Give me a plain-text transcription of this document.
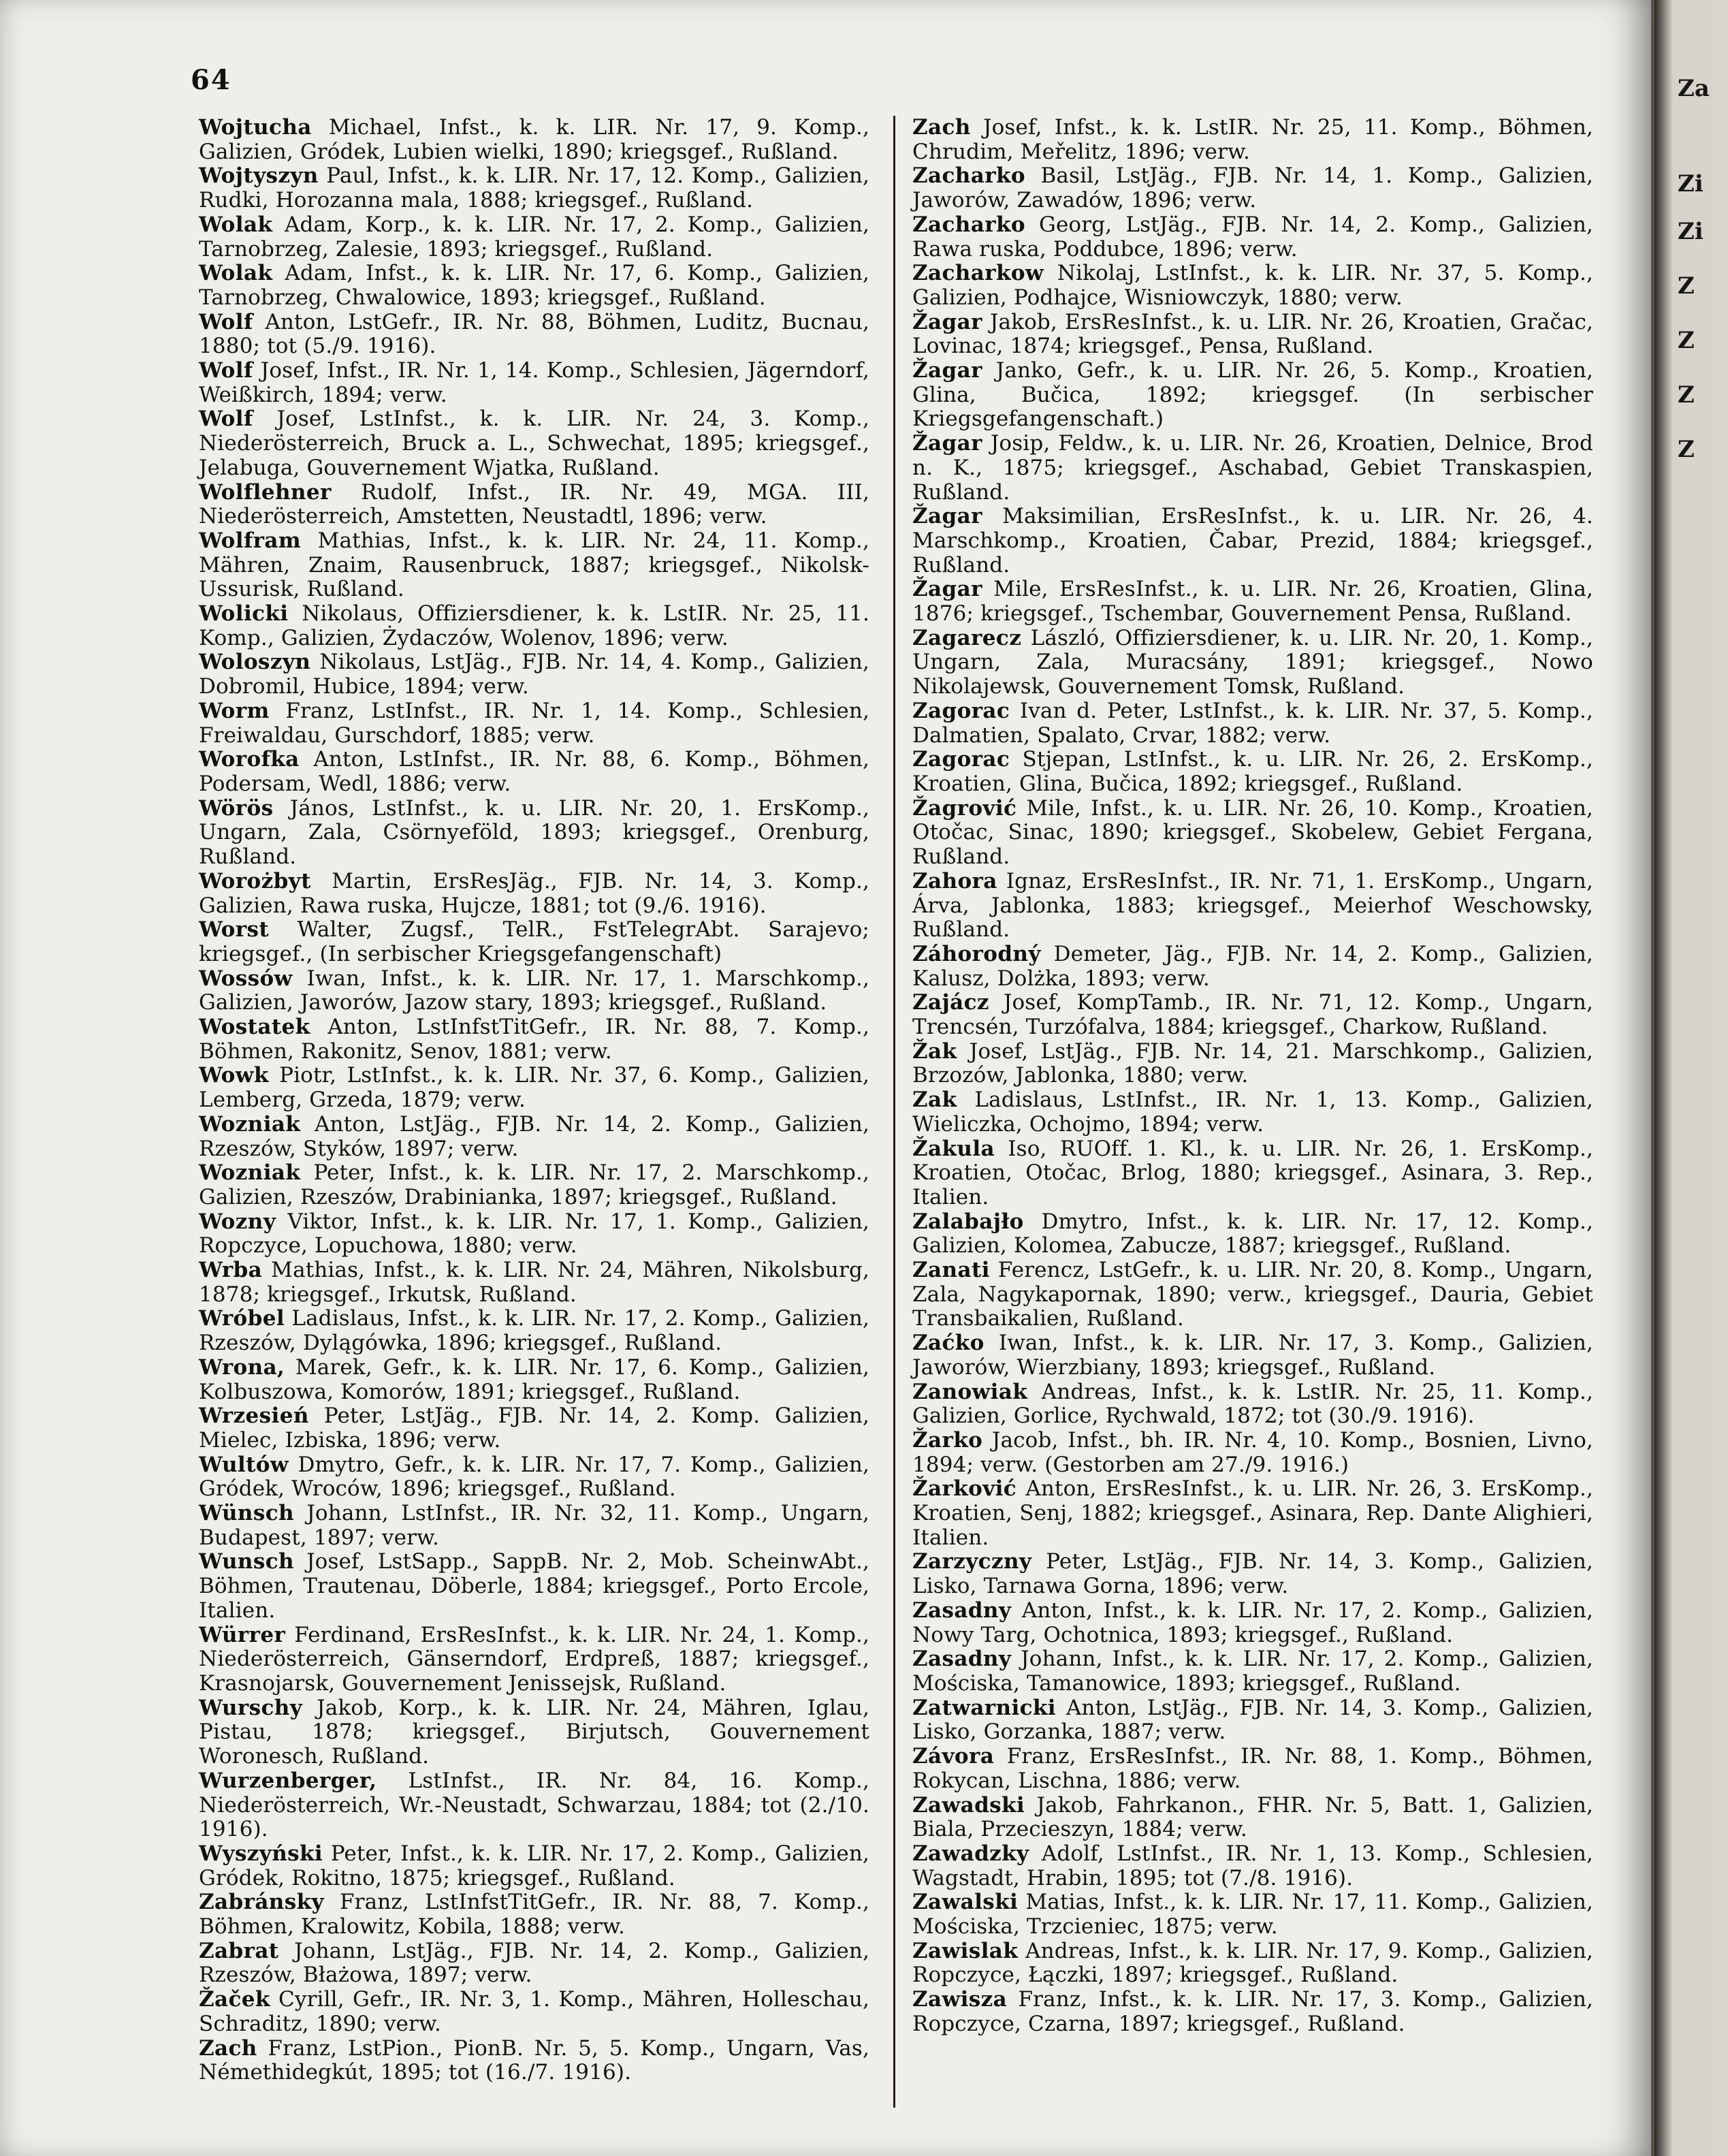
64
Wojtucha Michael, Infst., k. k. LIR. Nr. 17, 9. Komp., Galizien, Gródek, Lubien wielki, 1890; kriegsgef., Rußland.
Wojtyszyn Paul, Infst., k. k. LIR. Nr. 17, 12. Komp., Galizien, Rudki, Horozanna mala, 1888; kriegsgef., Rußland.
Wolak Adam, Korp., k. k. LIR. Nr. 17, 2. Komp., Galizien, Tarnobrzeg, Zalesie, 1893; kriegsgef., Rußland.
Wolak Adam, Infst., k. k. LIR. Nr. 17, 6. Komp., Galizien, Tarnobrzeg, Chwalowice, 1893; kriegsgef., Rußland.
Wolf Anton, LstGefr., IR. Nr. 88, Böhmen, Luditz, Bucnau, 1880; tot (5./9. 1916).
Wolf Josef, Infst., IR. Nr. 1, 14. Komp., Schlesien, Jägerndorf, Weißkirch, 1894; verw.
Wolf Josef, LstInfst., k. k. LIR. Nr. 24, 3. Komp., Niederösterreich, Bruck a. L., Schwechat, 1895; kriegsgef., Jelabuga, Gouvernement Wjatka, Rußland.
Wolflehner Rudolf, Infst., IR. Nr. 49, MGA. III, Niederösterreich, Amstetten, Neustadtl, 1896; verw.
Wolfram Mathias, Infst., k. k. LIR. Nr. 24, 11. Komp., Mähren, Znaim, Rausenbruck, 1887; kriegsgef., Nikolsk-Ussurisk, Rußland.
Wolicki Nikolaus, Offiziersdiener, k. k. LstIR. Nr. 25, 11. Komp., Galizien, Żydaczów, Wolenov, 1896; verw.
Woloszyn Nikolaus, LstJäg., FJB. Nr. 14, 4. Komp., Galizien, Dobromil, Hubice, 1894; verw.
Worm Franz, LstInfst., IR. Nr. 1, 14. Komp., Schlesien, Freiwaldau, Gurschdorf, 1885; verw.
Worofka Anton, LstInfst., IR. Nr. 88, 6. Komp., Böhmen, Podersam, Wedl, 1886; verw.
Wörös János, LstInfst., k. u. LIR. Nr. 20, 1. ErsKomp., Ungarn, Zala, Csörnyeföld, 1893; kriegsgef., Orenburg, Rußland.
Worożbyt Martin, ErsResJäg., FJB. Nr. 14, 3. Komp., Galizien, Rawa ruska, Hujcze, 1881; tot (9./6. 1916).
Worst Walter, Zugsf., TelR., FstTelegrAbt. Sarajevo; kriegsgef., (In serbischer Kriegsgefangenschaft)
Wossów Iwan, Infst., k. k. LIR. Nr. 17, 1. Marschkomp., Galizien, Jaworów, Jazow stary, 1893; kriegsgef., Rußland.
Wostatek Anton, LstInfstTitGefr., IR. Nr. 88, 7. Komp., Böhmen, Rakonitz, Senov, 1881; verw.
Wowk Piotr, LstInfst., k. k. LIR. Nr. 37, 6. Komp., Galizien, Lemberg, Grzeda, 1879; verw.
Wozniak Anton, LstJäg., FJB. Nr. 14, 2. Komp., Galizien, Rzeszów, Styków, 1897; verw.
Wozniak Peter, Infst., k. k. LIR. Nr. 17, 2. Marschkomp., Galizien, Rzeszów, Drabinianka, 1897; kriegsgef., Rußland.
Wozny Viktor, Infst., k. k. LIR. Nr. 17, 1. Komp., Galizien, Ropczyce, Lopuchowa, 1880; verw.
Wrba Mathias, Infst., k. k. LIR. Nr. 24, Mähren, Nikolsburg, 1878; kriegsgef., Irkutsk, Rußland.
Wróbel Ladislaus, Infst., k. k. LIR. Nr. 17, 2. Komp., Galizien, Rzeszów, Dylągówka, 1896; kriegsgef., Rußland.
Wrona, Marek, Gefr., k. k. LIR. Nr. 17, 6. Komp., Galizien, Kolbuszowa, Komorów, 1891; kriegsgef., Rußland.
Wrzesień Peter, LstJäg., FJB. Nr. 14, 2. Komp. Galizien, Mielec, Izbiska, 1896; verw.
Wultów Dmytro, Gefr., k. k. LIR. Nr. 17, 7. Komp., Galizien, Gródek, Wroców, 1896; kriegsgef., Rußland.
Wünsch Johann, LstInfst., IR. Nr. 32, 11. Komp., Ungarn, Budapest, 1897; verw.
Wunsch Josef, LstSapp., SappB. Nr. 2, Mob. ScheinwAbt., Böhmen, Trautenau, Döberle, 1884; kriegsgef., Porto Ercole, Italien.
Würrer Ferdinand, ErsResInfst., k. k. LIR. Nr. 24, 1. Komp., Niederösterreich, Gänserndorf, Erdpreß, 1887; kriegsgef., Krasnojarsk, Gouvernement Jenissejsk, Rußland.
Wurschy Jakob, Korp., k. k. LIR. Nr. 24, Mähren, Iglau, Pistau, 1878; kriegsgef., Birjutsch, Gouvernement Woronesch, Rußland.
Wurzenberger, LstInfst., IR. Nr. 84, 16. Komp., Niederösterreich, Wr.-Neustadt, Schwarzau, 1884; tot (2./10. 1916).
Wyszyński Peter, Infst., k. k. LIR. Nr. 17, 2. Komp., Galizien, Gródek, Rokitno, 1875; kriegsgef., Rußland.
Zabránsky Franz, LstInfstTitGefr., IR. Nr. 88, 7. Komp., Böhmen, Kralowitz, Kobila, 1888; verw.
Zabrat Johann, LstJäg., FJB. Nr. 14, 2. Komp., Galizien, Rzeszów, Błażowa, 1897; verw.
Žaček Cyrill, Gefr., IR. Nr. 3, 1. Komp., Mähren, Holleschau, Schraditz, 1890; verw.
Zach Franz, LstPion., PionB. Nr. 5, 5. Komp., Ungarn, Vas, Némethidegkút, 1895; tot (16./7. 1916).
Zach Josef, Infst., k. k. LstIR. Nr. 25, 11. Komp., Böhmen, Chrudim, Meřelitz, 1896; verw.
Zacharko Basil, LstJäg., FJB. Nr. 14, 1. Komp., Galizien, Jaworów, Zawadów, 1896; verw.
Zacharko Georg, LstJäg., FJB. Nr. 14, 2. Komp., Galizien, Rawa ruska, Poddubce, 1896; verw.
Zacharkow Nikolaj, LstInfst., k. k. LIR. Nr. 37, 5. Komp., Galizien, Podhajce, Wisniowczyk, 1880; verw.
Žagar Jakob, ErsResInfst., k. u. LIR. Nr. 26, Kroatien, Gračac, Lovinac, 1874; kriegsgef., Pensa, Rußland.
Žagar Janko, Gefr., k. u. LIR. Nr. 26, 5. Komp., Kroatien, Glina, Bučica, 1892; kriegsgef. (In serbischer Kriegsgefangenschaft.)
Žagar Josip, Feldw., k. u. LIR. Nr. 26, Kroatien, Delnice, Brod n. K., 1875; kriegsgef., Aschabad, Gebiet Transkaspien, Rußland.
Žagar Maksimilian, ErsResInfst., k. u. LIR. Nr. 26, 4. Marschkomp., Kroatien, Čabar, Prezid, 1884; kriegsgef., Rußland.
Žagar Mile, ErsResInfst., k. u. LIR. Nr. 26, Kroatien, Glina, 1876; kriegsgef., Tschembar, Gouvernement Pensa, Rußland.
Zagarecz László, Offiziersdiener, k. u. LIR. Nr. 20, 1. Komp., Ungarn, Zala, Muracsány, 1891; kriegsgef., Nowo Nikolajewsk, Gouvernement Tomsk, Rußland.
Zagorac Ivan d. Peter, LstInfst., k. k. LIR. Nr. 37, 5. Komp., Dalmatien, Spalato, Crvar, 1882; verw.
Zagorac Stjepan, LstInfst., k. u. LIR. Nr. 26, 2. ErsKomp., Kroatien, Glina, Bučica, 1892; kriegsgef., Rußland.
Žagrović Mile, Infst., k. u. LIR. Nr. 26, 10. Komp., Kroatien, Otočac, Sinac, 1890; kriegsgef., Skobelew, Gebiet Fergana, Rußland.
Zahora Ignaz, ErsResInfst., IR. Nr. 71, 1. ErsKomp., Ungarn, Árva, Jablonka, 1883; kriegsgef., Meierhof Weschowsky, Rußland.
Záhorodný Demeter, Jäg., FJB. Nr. 14, 2. Komp., Galizien, Kalusz, Dolżka, 1893; verw.
Zajácz Josef, KompTamb., IR. Nr. 71, 12. Komp., Ungarn, Trencsén, Turzófalva, 1884; kriegsgef., Charkow, Rußland.
Žak Josef, LstJäg., FJB. Nr. 14, 21. Marschkomp., Galizien, Brzozów, Jablonka, 1880; verw.
Zak Ladislaus, LstInfst., IR. Nr. 1, 13. Komp., Galizien, Wieliczka, Ochojmo, 1894; verw.
Žakula Iso, RUOff. 1. Kl., k. u. LIR. Nr. 26, 1. ErsKomp., Kroatien, Otočac, Brlog, 1880; kriegsgef., Asinara, 3. Rep., Italien.
Zalabajło Dmytro, Infst., k. k. LIR. Nr. 17, 12. Komp., Galizien, Kolomea, Zabucze, 1887; kriegsgef., Rußland.
Zanati Ferencz, LstGefr., k. u. LIR. Nr. 20, 8. Komp., Ungarn, Zala, Nagykapornak, 1890; verw., kriegsgef., Dauria, Gebiet Transbaikalien, Rußland.
Zaćko Iwan, Infst., k. k. LIR. Nr. 17, 3. Komp., Galizien, Jaworów, Wierzbiany, 1893; kriegsgef., Rußland.
Zanowiak Andreas, Infst., k. k. LstIR. Nr. 25, 11. Komp., Galizien, Gorlice, Rychwald, 1872; tot (30./9. 1916).
Žarko Jacob, Infst., bh. IR. Nr. 4, 10. Komp., Bosnien, Livno, 1894; verw. (Gestorben am 27./9. 1916.)
Žarković Anton, ErsResInfst., k. u. LIR. Nr. 26, 3. ErsKomp., Kroatien, Senj, 1882; kriegsgef., Asinara, Rep. Dante Alighieri, Italien.
Zarzyczny Peter, LstJäg., FJB. Nr. 14, 3. Komp., Galizien, Lisko, Tarnawa Gorna, 1896; verw.
Zasadny Anton, Infst., k. k. LIR. Nr. 17, 2. Komp., Galizien, Nowy Targ, Ochotnica, 1893; kriegsgef., Rußland.
Zasadny Johann, Infst., k. k. LIR. Nr. 17, 2. Komp., Galizien, Mościska, Tamanowice, 1893; kriegsgef., Rußland.
Zatwarnicki Anton, LstJäg., FJB. Nr. 14, 3. Komp., Galizien, Lisko, Gorzanka, 1887; verw.
Závora Franz, ErsResInfst., IR. Nr. 88, 1. Komp., Böhmen, Rokycan, Lischna, 1886; verw.
Zawadski Jakob, Fahrkanon., FHR. Nr. 5, Batt. 1, Galizien, Biala, Przecieszyn, 1884; verw.
Zawadzky Adolf, LstInfst., IR. Nr. 1, 13. Komp., Schlesien, Wagstadt, Hrabin, 1895; tot (7./8. 1916).
Zawalski Matias, Infst., k. k. LIR. Nr. 17, 11. Komp., Galizien, Mościska, Trzcieniec, 1875; verw.
Zawislak Andreas, Infst., k. k. LIR. Nr. 17, 9. Komp., Galizien, Ropczyce, Łączki, 1897; kriegsgef., Rußland.
Zawisza Franz, Infst., k. k. LIR. Nr. 17, 3. Komp., Galizien, Ropczyce, Czarna, 1897; kriegsgef., Rußland.
Za
Zi
Zi
Z
Z
Z
Z
